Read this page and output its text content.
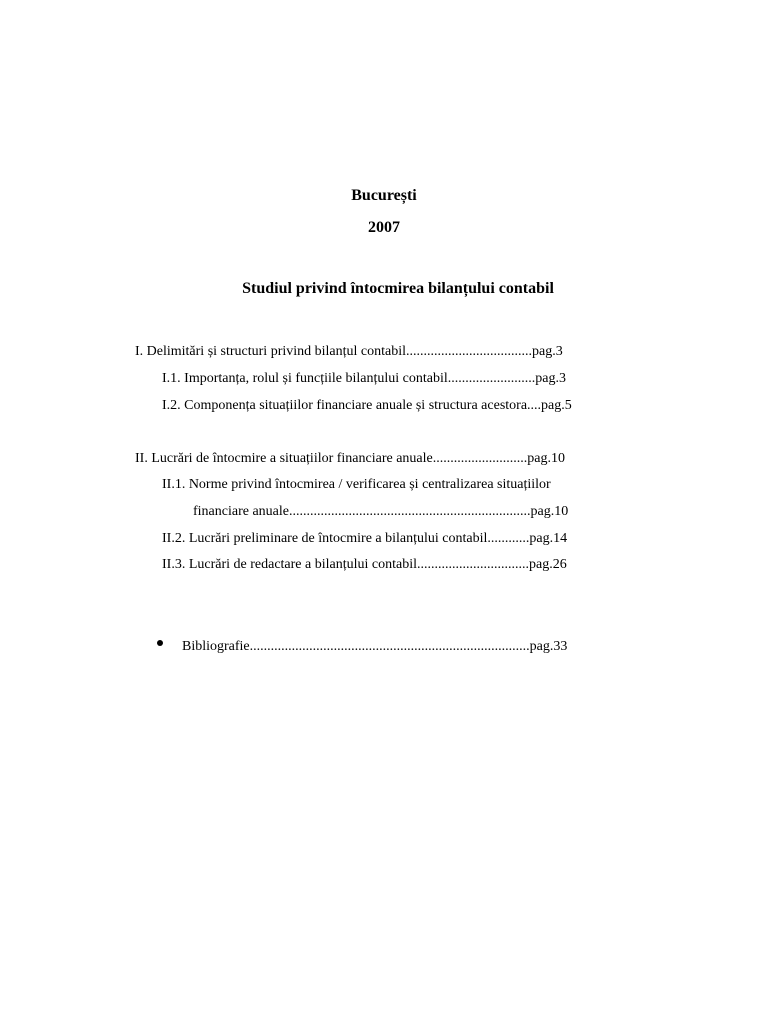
București
2007
Studiul privind întocmirea bilanțului contabil
I. Delimitări și structuri privind bilanțul contabil....................................pag.3
I.1. Importanța, rolul și funcțiile bilanțului contabil.........................pag.3
I.2. Componența situațiilor financiare anuale și structura acestora....pag.5
II. Lucrări de întocmire a situațiilor financiare anuale...........................pag.10
II.1. Norme privind întocmirea / verificarea și centralizarea situațiilor
financiare anuale.....................................................................pag.10
II.2. Lucrări preliminare de întocmire a bilanțului contabil............pag.14
II.3. Lucrări de redactare a bilanțului contabil................................pag.26
Bibliografie................................................................................pag.33
